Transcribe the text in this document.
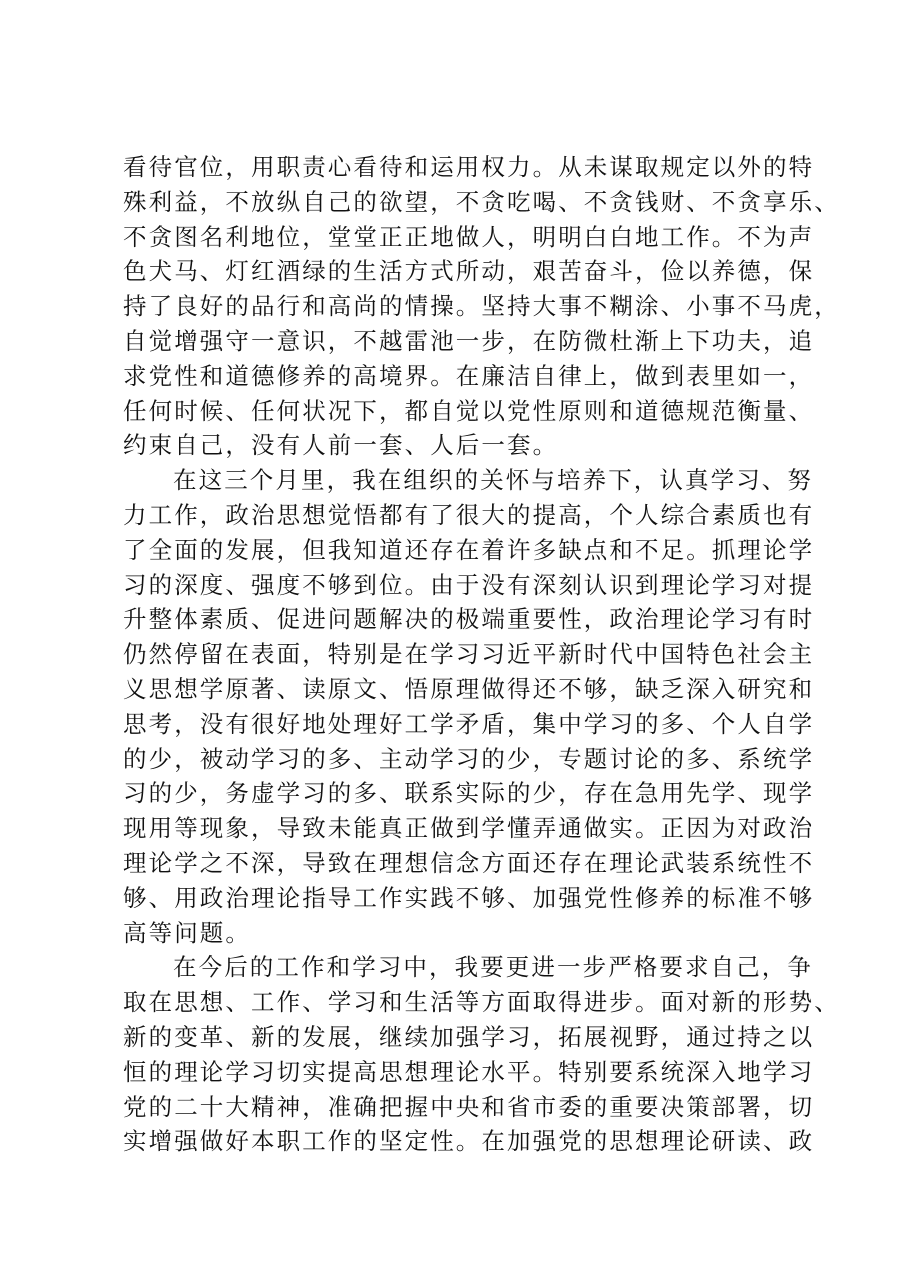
看待官位，用职责心看待和运用权力。从未谋取规定以外的特
殊利益，不放纵自己的欲望，不贪吃喝、不贪钱财、不贪享乐、
不贪图名利地位，堂堂正正地做人，明明白白地工作。不为声
色犬马、灯红酒绿的生活方式所动，艰苦奋斗，俭以养德，保
持了良好的品行和高尚的情操。坚持大事不糊涂、小事不马虎，
自觉增强守一意识，不越雷池一步，在防微杜渐上下功夫，追
求党性和道德修养的高境界。在廉洁自律上，做到表里如一，
任何时候、任何状况下，都自觉以党性原则和道德规范衡量、
约束自己，没有人前一套、人后一套。
在这三个月里，我在组织的关怀与培养下，认真学习、努
力工作，政治思想觉悟都有了很大的提高，个人综合素质也有
了全面的发展，但我知道还存在着许多缺点和不足。抓理论学
习的深度、强度不够到位。由于没有深刻认识到理论学习对提
升整体素质、促进问题解决的极端重要性，政治理论学习有时
仍然停留在表面，特别是在学习习近平新时代中国特色社会主
义思想学原著、读原文、悟原理做得还不够，缺乏深入研究和
思考，没有很好地处理好工学矛盾，集中学习的多、个人自学
的少，被动学习的多、主动学习的少，专题讨论的多、系统学
习的少，务虚学习的多、联系实际的少，存在急用先学、现学
现用等现象，导致未能真正做到学懂弄通做实。正因为对政治
理论学之不深，导致在理想信念方面还存在理论武装系统性不
够、用政治理论指导工作实践不够、加强党性修养的标准不够
高等问题。
在今后的工作和学习中，我要更进一步严格要求自己，争
取在思想、工作、学习和生活等方面取得进步。面对新的形势、
新的变革、新的发展，继续加强学习，拓展视野，通过持之以
恒的理论学习切实提高思想理论水平。特别要系统深入地学习
党的二十大精神，准确把握中央和省市委的重要决策部署，切
实增强做好本职工作的坚定性。在加强党的思想理论研读、政
